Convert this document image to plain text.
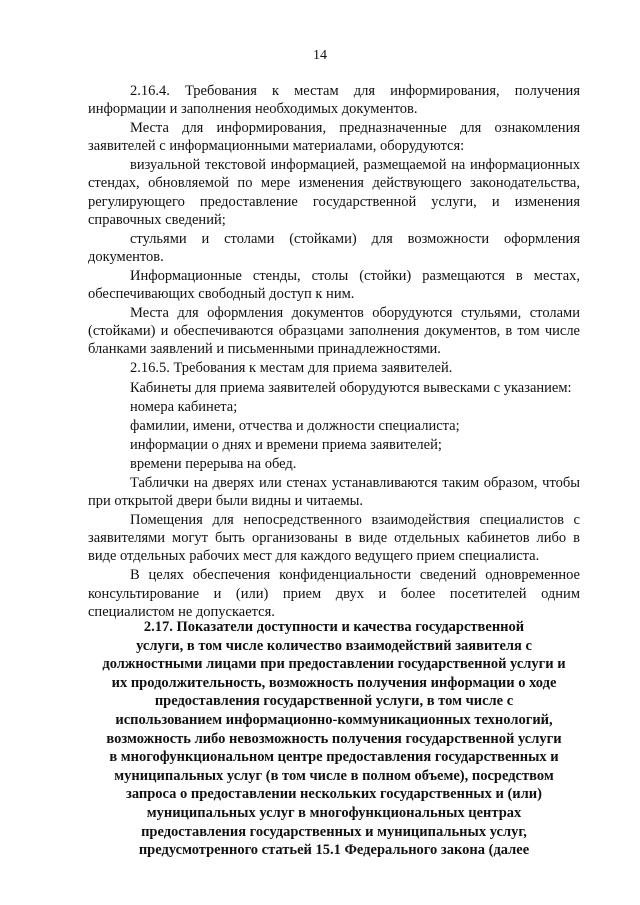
14

2.16.4. Требования к местам для информирования, получения информации и заполнения необходимых документов.

Места для информирования, предназначенные для ознакомления заявителей с информационными материалами, оборудуются:

визуальной текстовой информацией, размещаемой на информационных стендах, обновляемой по мере изменения действующего законодательства, регулирующего предоставление государственной услуги, и изменения справочных сведений;

стульями и столами (стойками) для возможности оформления документов.

Информационные стенды, столы (стойки) размещаются в местах, обеспечивающих свободный доступ к ним.

Места для оформления документов оборудуются стульями, столами (стойками) и обеспечиваются образцами заполнения документов, в том числе бланками заявлений и письменными принадлежностями.

2.16.5. Требования к местам для приема заявителей.

Кабинеты для приема заявителей оборудуются вывесками с указанием:

номера кабинета;

фамилии, имени, отчества и должности специалиста;

информации о днях и времени приема заявителей;

времени перерыва на обед.

Таблички на дверях или стенах устанавливаются таким образом, чтобы при открытой двери были видны и читаемы.

Помещения для непосредственного взаимодействия специалистов с заявителями могут быть организованы в виде отдельных кабинетов либо в виде отдельных рабочих мест для каждого ведущего прием специалиста.

В целях обеспечения конфиденциальности сведений одновременное консультирование и (или) прием двух и более посетителей одним специалистом не допускается.

2.17. Показатели доступности и качества государственной
услуги, в том числе количество взаимодействий заявителя с
должностными лицами при предоставлении государственной услуги и
их продолжительность, возможность получения информации о ходе
предоставления государственной услуги, в том числе с
использованием информационно-коммуникационных технологий,
возможность либо невозможность получения государственной услуги
в многофункциональном центре предоставления государственных и
муниципальных услуг (в том числе в полном объеме), посредством
запроса о предоставлении нескольких государственных и (или)
муниципальных услуг в многофункциональных центрах
предоставления государственных и муниципальных услуг,
предусмотренного статьей 15.1 Федерального закона (далее
